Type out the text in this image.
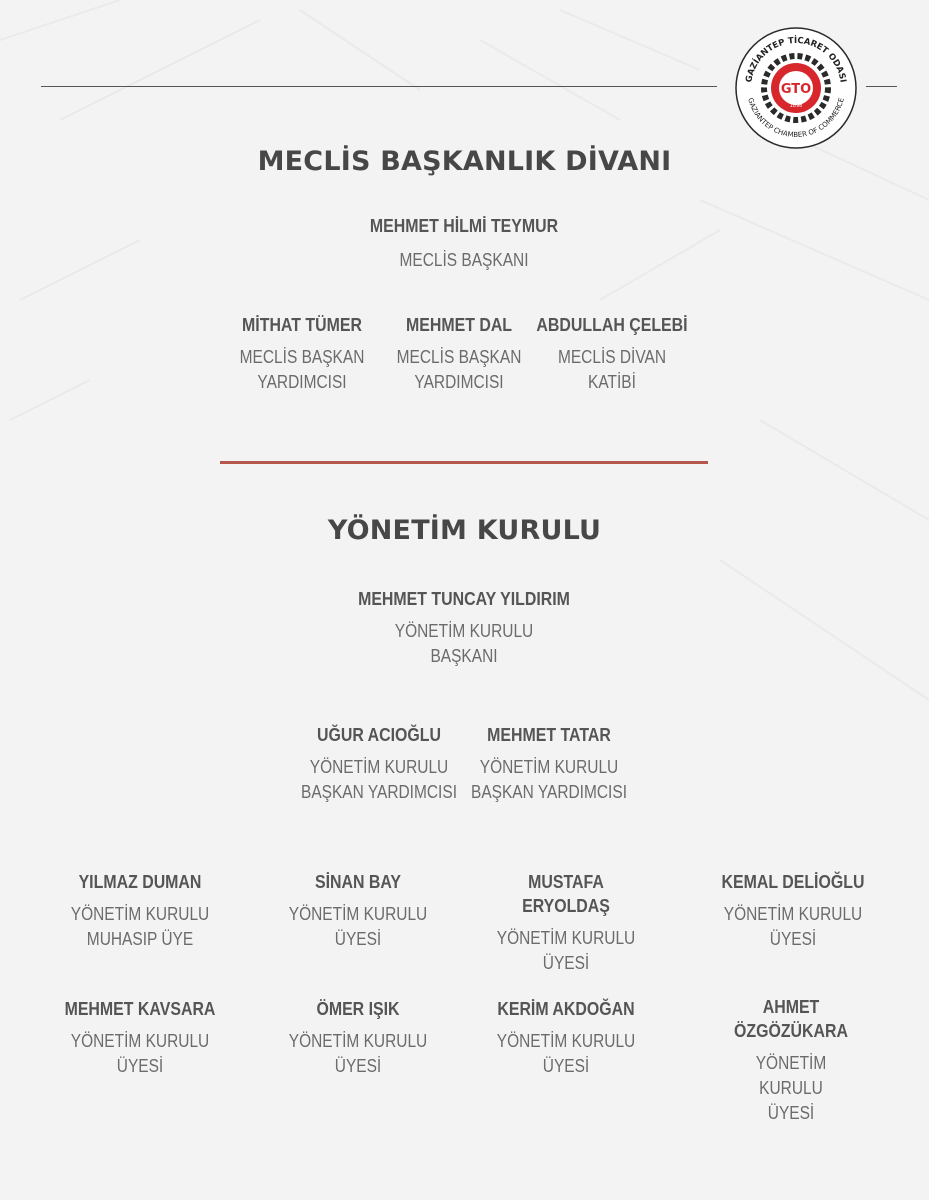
GAZİANTEP TİCARET ODASI
GAZIANTEP CHAMBER OF COMMERCE
GTO
1898
MECLİS BAŞKANLIK DİVANI
MEHMET HİLMİ TEYMUR
MECLİS BAŞKANI
MİTHAT TÜMER
MECLİS BAŞKAN
YARDIMCISI
MEHMET DAL
MECLİS BAŞKAN
YARDIMCISI
ABDULLAH ÇELEBİ
MECLİS DİVAN
KATİBİ
YÖNETİM KURULU
MEHMET TUNCAY YILDIRIM
YÖNETİM KURULU
BAŞKANI
UĞUR ACIOĞLU
YÖNETİM KURULU
BAŞKAN YARDIMCISI
MEHMET TATAR
YÖNETİM KURULU
BAŞKAN YARDIMCISI
YILMAZ DUMAN
YÖNETİM KURULU
MUHASIP ÜYE
SİNAN BAY
YÖNETİM KURULU
ÜYESİ
MUSTAFA
ERYOLDAŞ
YÖNETİM KURULU
ÜYESİ
KEMAL DELİOĞLU
YÖNETİM KURULU
ÜYESİ
MEHMET KAVSARA
YÖNETİM KURULU
ÜYESİ
ÖMER IŞIK
YÖNETİM KURULU
ÜYESİ
KERİM AKDOĞAN
YÖNETİM KURULU
ÜYESİ
AHMET
ÖZGÖZÜKARA
YÖNETİM KURULU
ÜYESİ
